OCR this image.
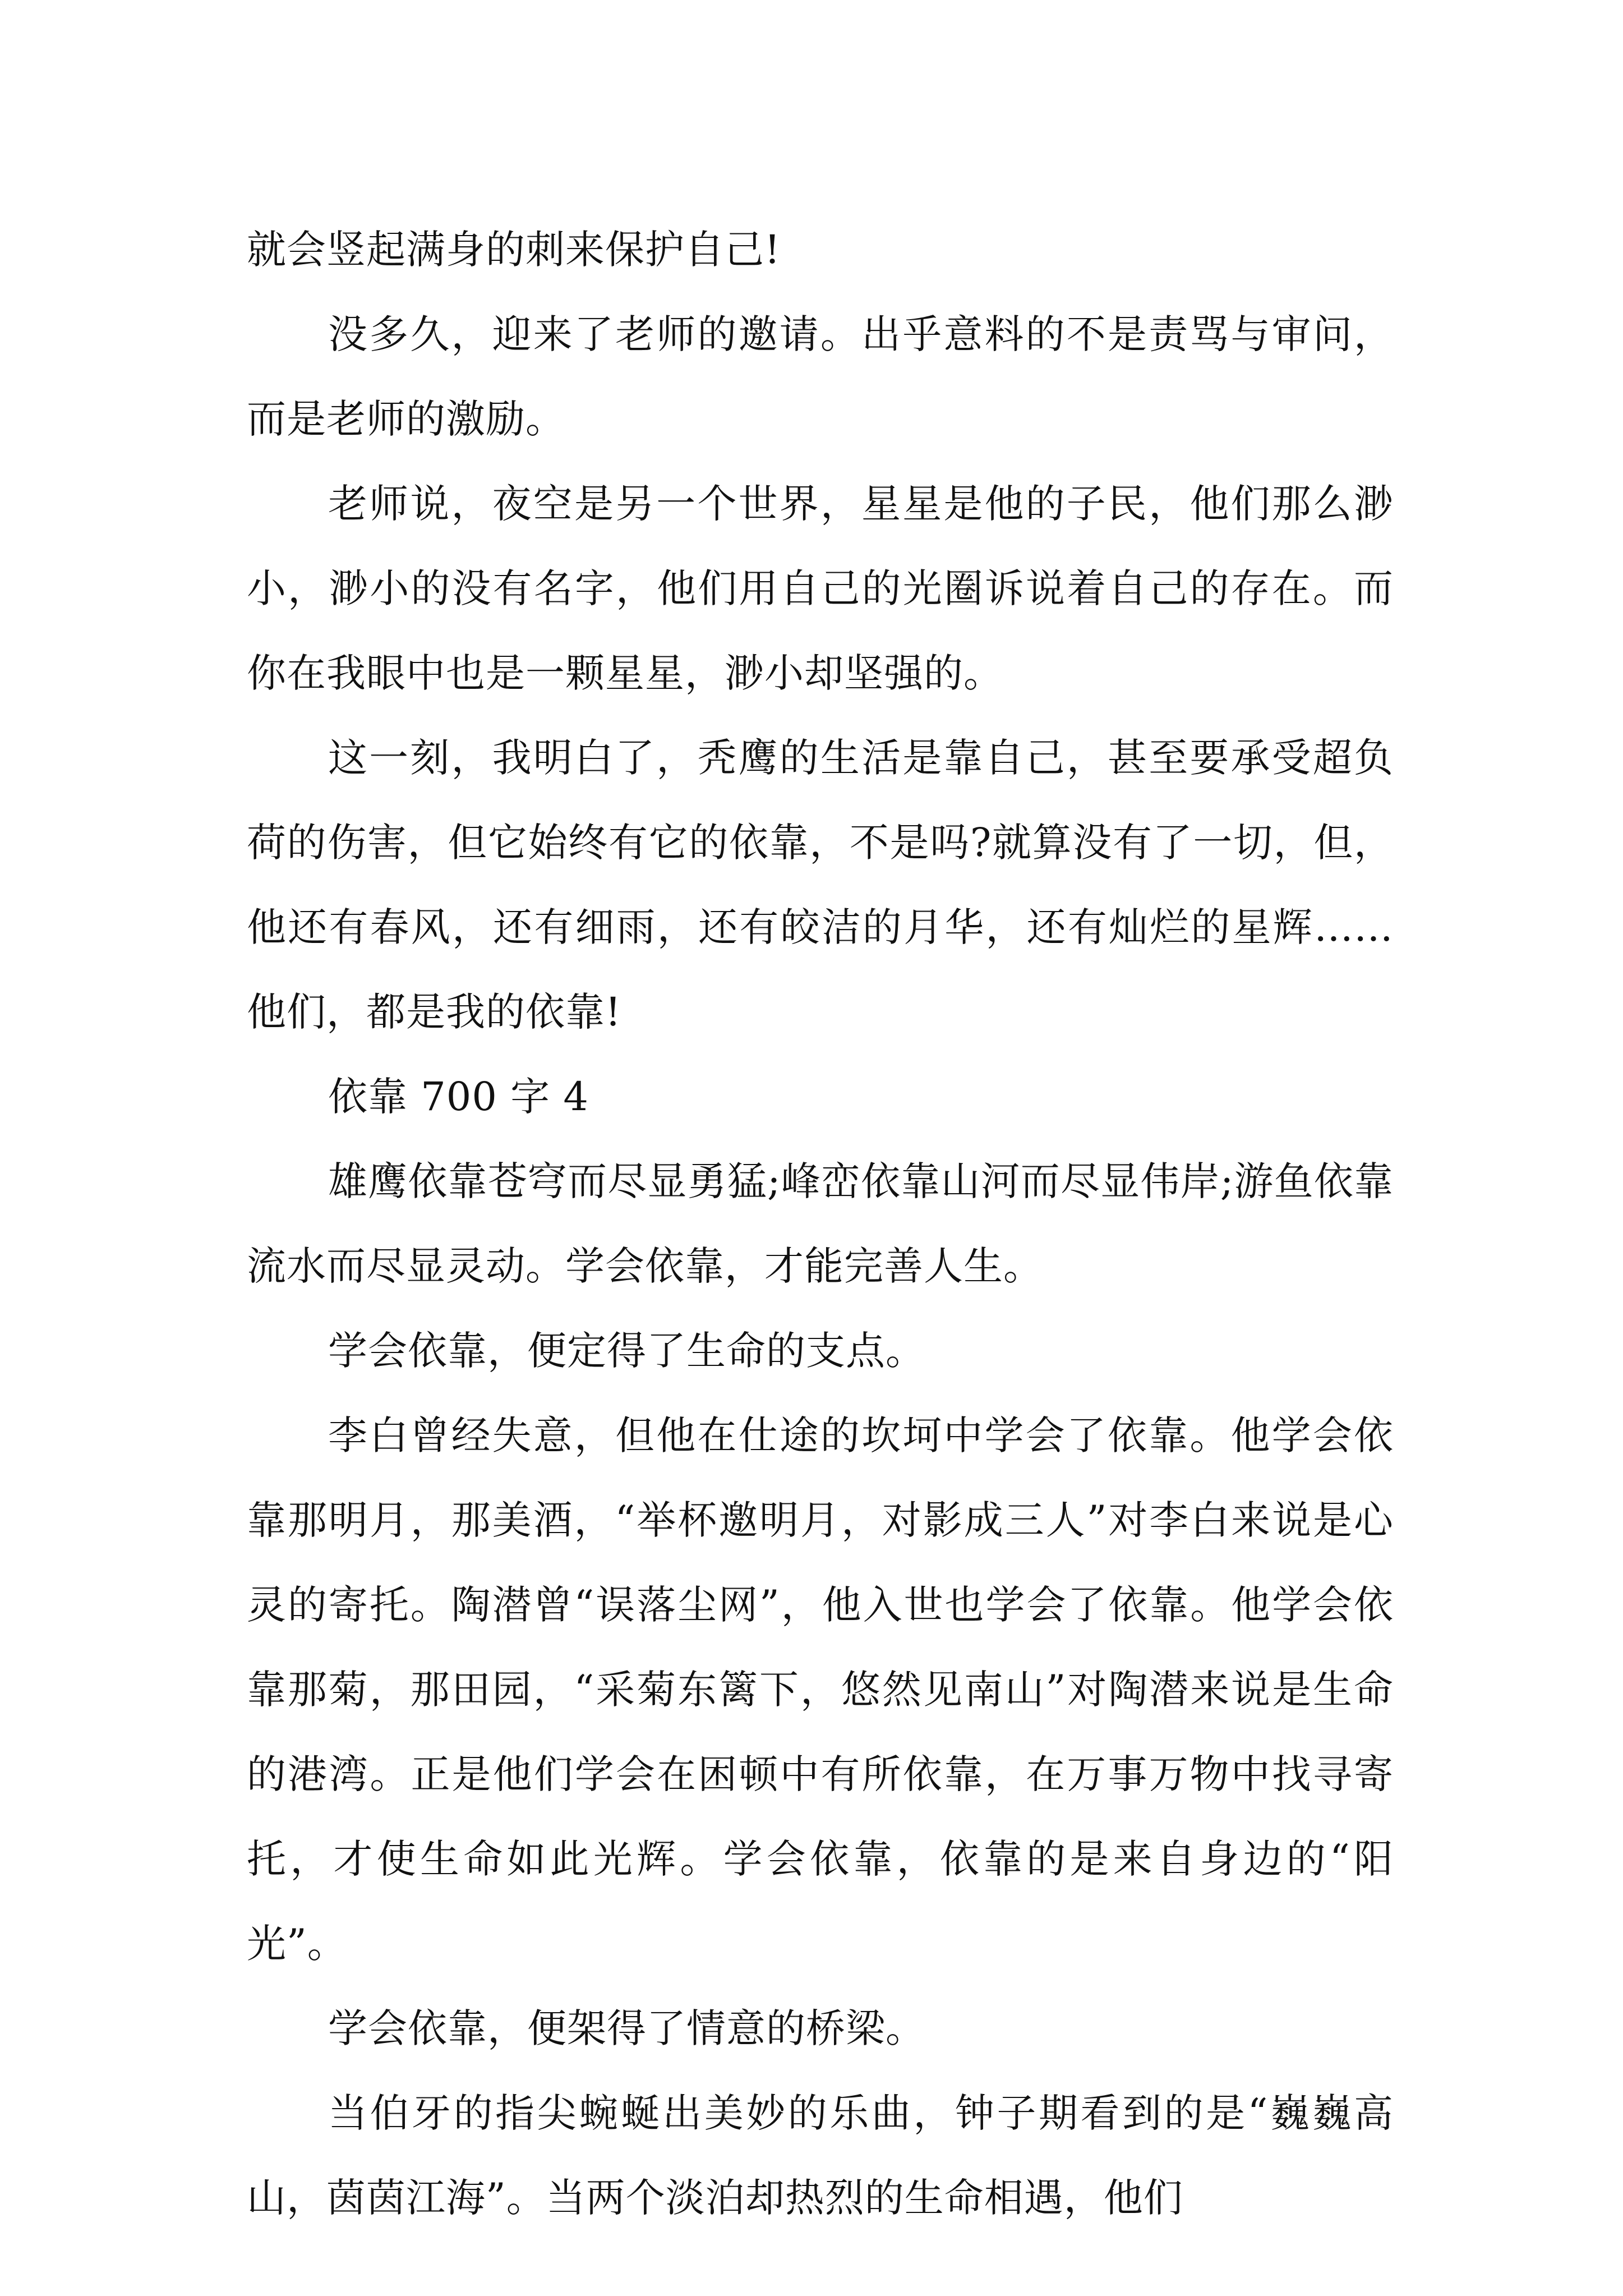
就会竖起满身的刺来保护自己!

没多久，迎来了老师的邀请。出乎意料的不是责骂与审问，而是老师的激励。

老师说，夜空是另一个世界，星星是他的子民，他们那么渺小，渺小的没有名字，他们用自己的光圈诉说着自己的存在。而你在我眼中也是一颗星星，渺小却坚强的。

这一刻，我明白了，秃鹰的生活是靠自己，甚至要承受超负荷的伤害，但它始终有它的依靠，不是吗?就算没有了一切，但，他还有春风，还有细雨，还有皎洁的月华，还有灿烂的星辉……他们，都是我的依靠!

依靠 700 字 4

雄鹰依靠苍穹而尽显勇猛;峰峦依靠山河而尽显伟岸;游鱼依靠流水而尽显灵动。学会依靠，才能完善人生。

学会依靠，便定得了生命的支点。

李白曾经失意，但他在仕途的坎坷中学会了依靠。他学会依靠那明月，那美酒，“举杯邀明月，对影成三人”对李白来说是心灵的寄托。陶潜曾“误落尘网”，他入世也学会了依靠。他学会依靠那菊，那田园，“采菊东篱下，悠然见南山”对陶潜来说是生命的港湾。正是他们学会在困顿中有所依靠，在万事万物中找寻寄托，才使生命如此光辉。学会依靠，依靠的是来自身边的“阳光”。

学会依靠，便架得了情意的桥梁。

当伯牙的指尖蜿蜒出美妙的乐曲，钟子期看到的是“巍巍高山，茵茵江海”。当两个淡泊却热烈的生命相遇，他们
